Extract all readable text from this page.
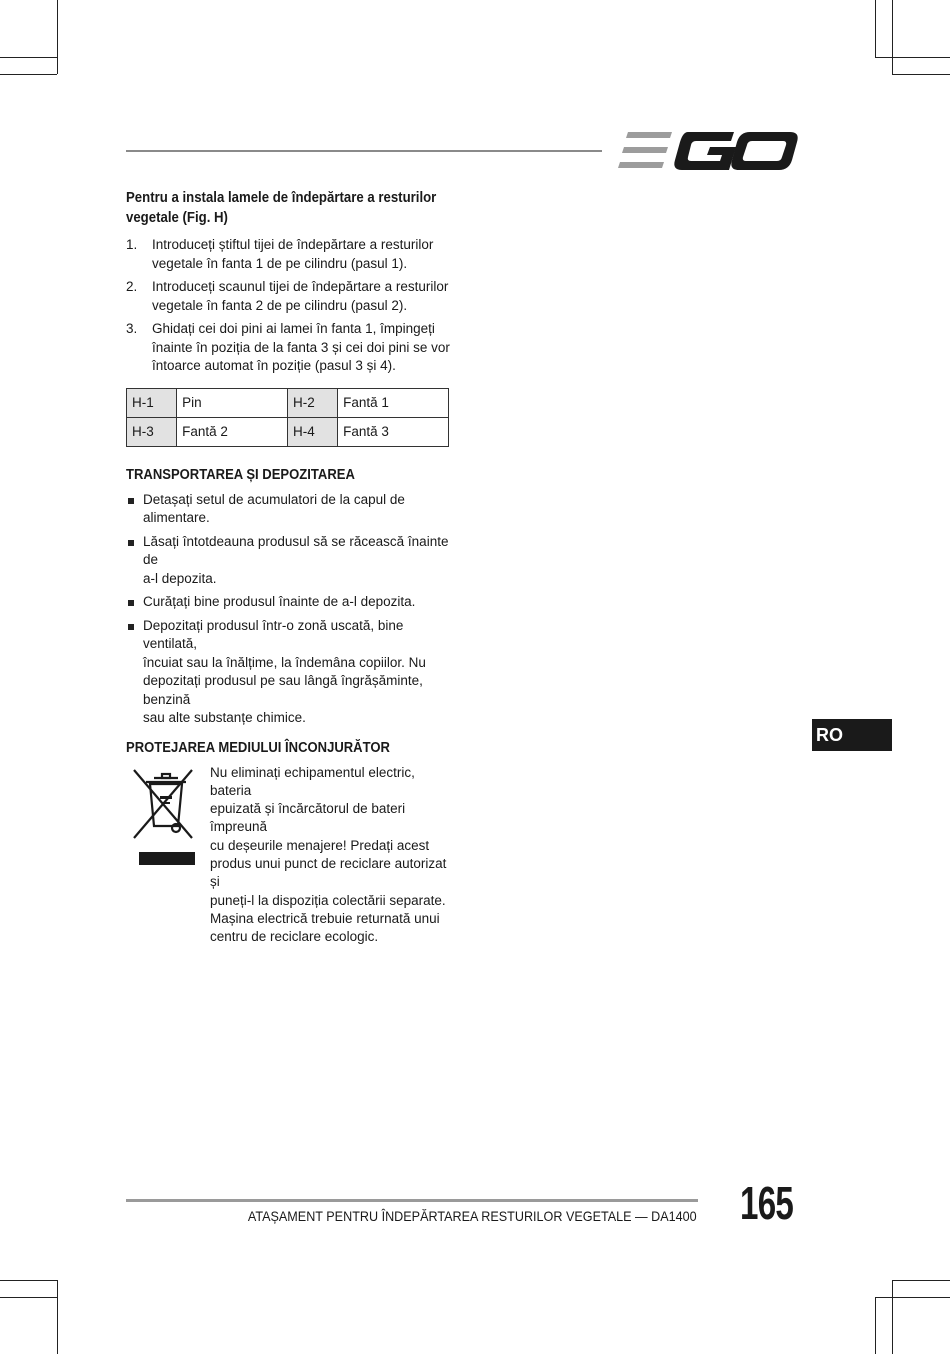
Pentru a instala lamele de îndepărtare a resturilor
vegetale (Fig. H)
1.	Introduceți știftul tijei de îndepărtare a resturilor
vegetale în fanta 1 de pe cilindru (pasul 1).
2.	Introduceți scaunul tijei de îndepărtare a resturilor
vegetale în fanta 2 de pe cilindru (pasul 2).
3.	Ghidați cei doi pini ai lamei în fanta 1, împingeți
înainte în poziția de la fanta 3 și cei doi pini se vor
întoarce automat în poziție (pasul 3 și 4).
H-1	Pin	H-2	Fantă 1
H-3	Fantă 2	H-4	Fantă 3
TRANSPORTAREA ȘI DEPOZITAREA
Detașați setul de acumulatori de la capul de alimentare.
Lăsați întotdeauna produsul să se răcească înainte de
a-l depozita.
Curățați bine produsul înainte de a-l depozita.
Depozitați produsul într-o zonă uscată, bine ventilată,
încuiat sau la înălțime, la îndemâna copiilor. Nu
depozitați produsul pe sau lângă îngrășăminte, benzină
sau alte substanțe chimice.
PROTEJAREA MEDIULUI ÎNCONJURĂTOR
Nu eliminați echipamentul electric, bateria
epuizată și încărcătorul de bateri împreună
cu deșeurile menajere! Predați acest
produs unui punct de reciclare autorizat și
puneți-l la dispoziția colectării separate.
Mașina electrică trebuie returnată unui
centru de reciclare ecologic.
RO
ATAȘAMENT PENTRU ÎNDEPĂRTAREA RESTURILOR VEGETALE — DA1400 165
